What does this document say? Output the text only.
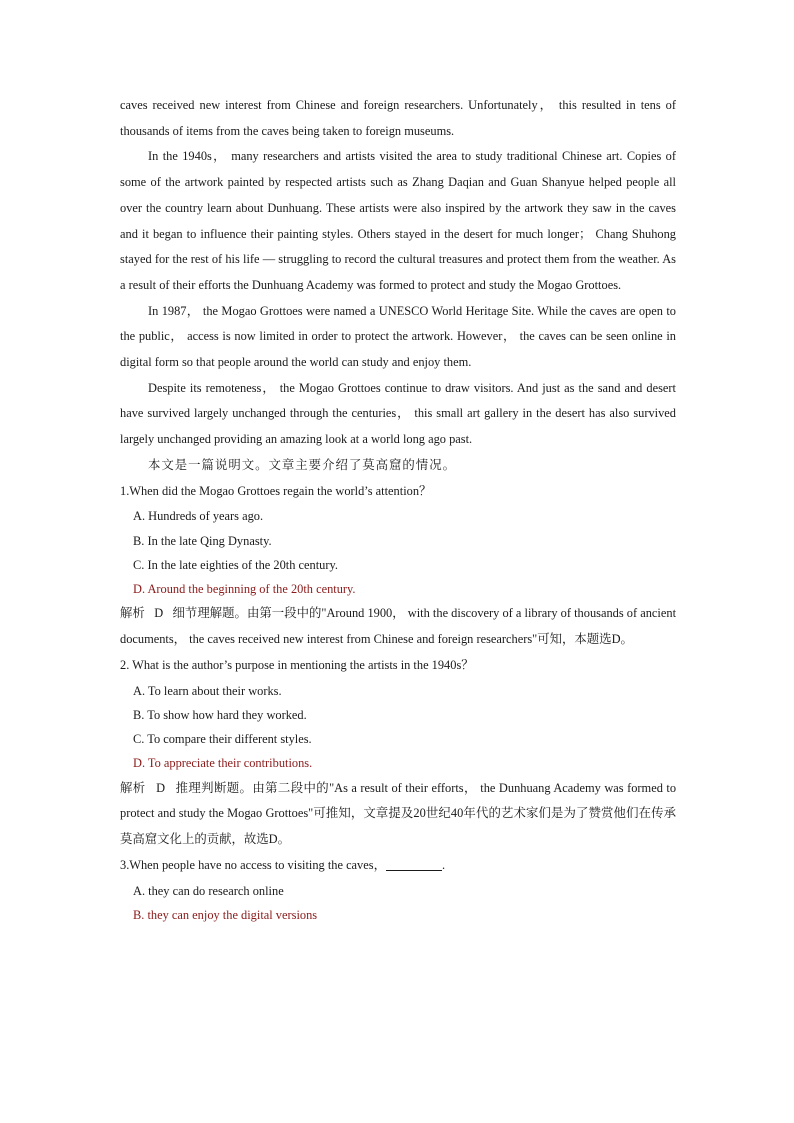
caves received new interest from Chinese and foreign researchers. Unfortunately， this resulted in tens of thousands of items from the caves being taken to foreign museums.

In the 1940s， many researchers and artists visited the area to study traditional Chinese art. Copies of some of the artwork painted by respected artists such as Zhang Daqian and Guan Shanyue helped people all over the country learn about Dunhuang. These artists were also inspired by the artwork they saw in the caves and it began to influence their painting styles. Others stayed in the desert for much longer； Chang Shuhong stayed for the rest of his life — struggling to record the cultural treasures and protect them from the weather. As a result of their efforts the Dunhuang Academy was formed to protect and study the Mogao Grottoes.

In 1987， the Mogao Grottoes were named a UNESCO World Heritage Site. While the caves are open to the public， access is now limited in order to protect the artwork. However， the caves can be seen online in digital form so that people around the world can study and enjoy them.

Despite its remoteness， the Mogao Grottoes continue to draw visitors. And just as the sand and desert have survived largely unchanged through the centuries， this small art gallery in the desert has also survived largely unchanged providing an amazing look at a world long ago past.

本文是一篇说明文。文章主要介绍了莫高窟的情况。

1.When did the Mogao Grottoes regain the world’s attention？

A. Hundreds of years ago.

B. In the late Qing Dynasty.

C. In the late eighties of the 20th century.

D. Around the beginning of the 20th century.

解析 D 细节理解题。由第一段中的"Around 1900， with the discovery of a library of thousands of ancient documents， the caves received new interest from Chinese and foreign researchers"可知，本题选D。

2. What is the author’s purpose in mentioning the artists in the 1940s？

A. To learn about their works.

B. To show how hard they worked.

C. To compare their different styles.

D. To appreciate their contributions.

解析 D 推理判断题。由第二段中的"As a result of their efforts， the Dunhuang Academy was formed to protect and study the Mogao Grottoes"可推知，文章提及20世纪40年代的艺术家们是为了赞赏他们在传承莫高窟文化上的贡献，故选D。

3.When people have no access to visiting the caves，	.

A. they can do research online

B. they can enjoy the digital versions
